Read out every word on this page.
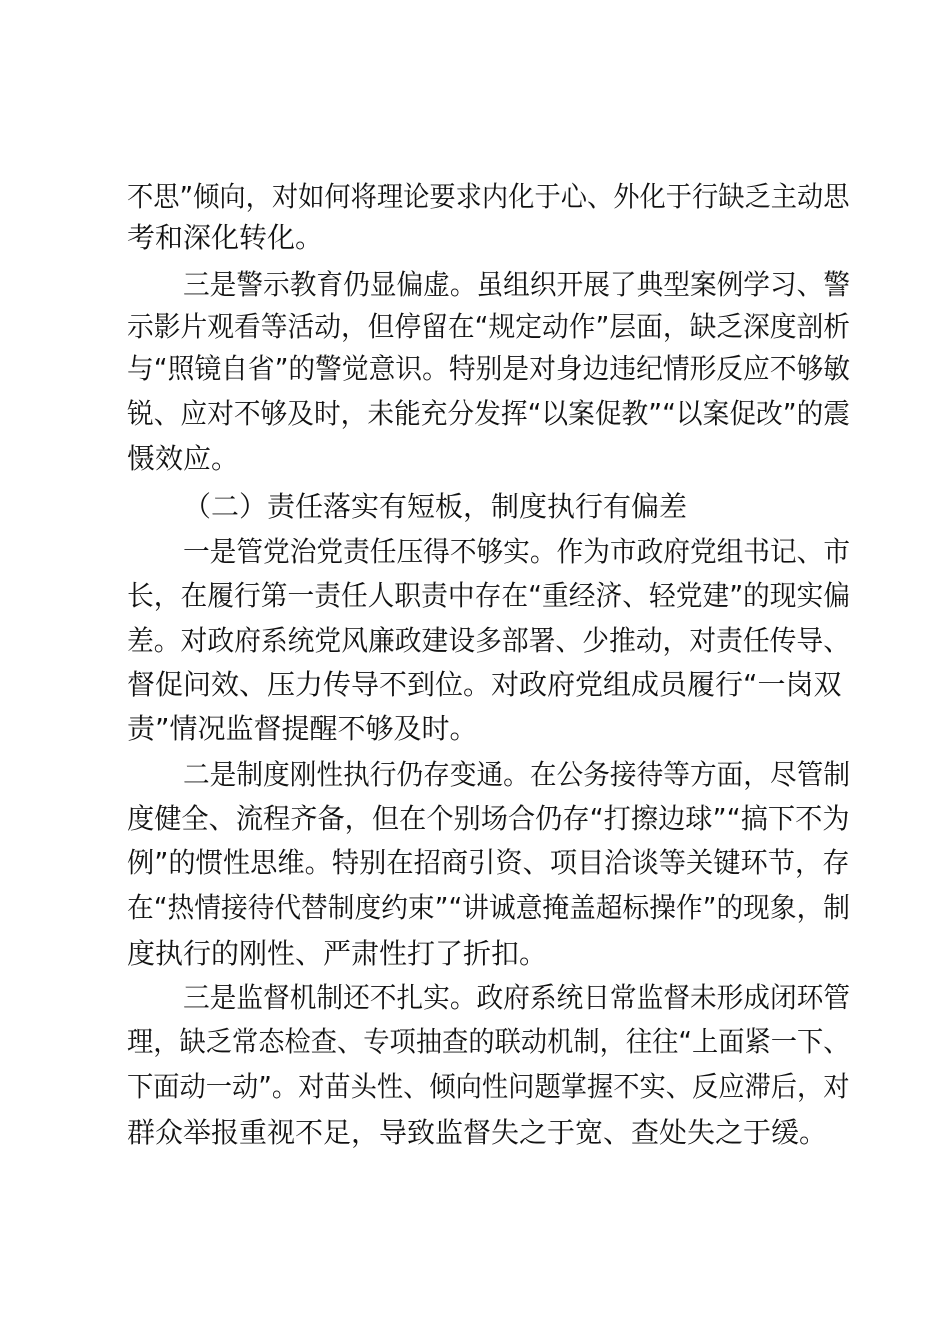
不思”倾向，对如何将理论要求内化于心、外化于行缺乏主动思
考和深化转化。
三是警示教育仍显偏虚。虽组织开展了典型案例学习、警
示影片观看等活动，但停留在“规定动作”层面，缺乏深度剖析
与“照镜自省”的警觉意识。特别是对身边违纪情形反应不够敏
锐、应对不够及时，未能充分发挥“以案促教”“以案促改”的震
慑效应。
（二）责任落实有短板，制度执行有偏差
一是管党治党责任压得不够实。作为市政府党组书记、市
长，在履行第一责任人职责中存在“重经济、轻党建”的现实偏
差。对政府系统党风廉政建设多部署、少推动，对责任传导、
督促问效、压力传导不到位。对政府党组成员履行“一岗双
责”情况监督提醒不够及时。
二是制度刚性执行仍存变通。在公务接待等方面，尽管制
度健全、流程齐备，但在个别场合仍存“打擦边球”“搞下不为
例”的惯性思维。特别在招商引资、项目洽谈等关键环节，存
在“热情接待代替制度约束”“讲诚意掩盖超标操作”的现象，制
度执行的刚性、严肃性打了折扣。
三是监督机制还不扎实。政府系统日常监督未形成闭环管
理，缺乏常态检查、专项抽查的联动机制，往往“上面紧一下、
下面动一动”。对苗头性、倾向性问题掌握不实、反应滞后，对
群众举报重视不足，导致监督失之于宽、查处失之于缓。
